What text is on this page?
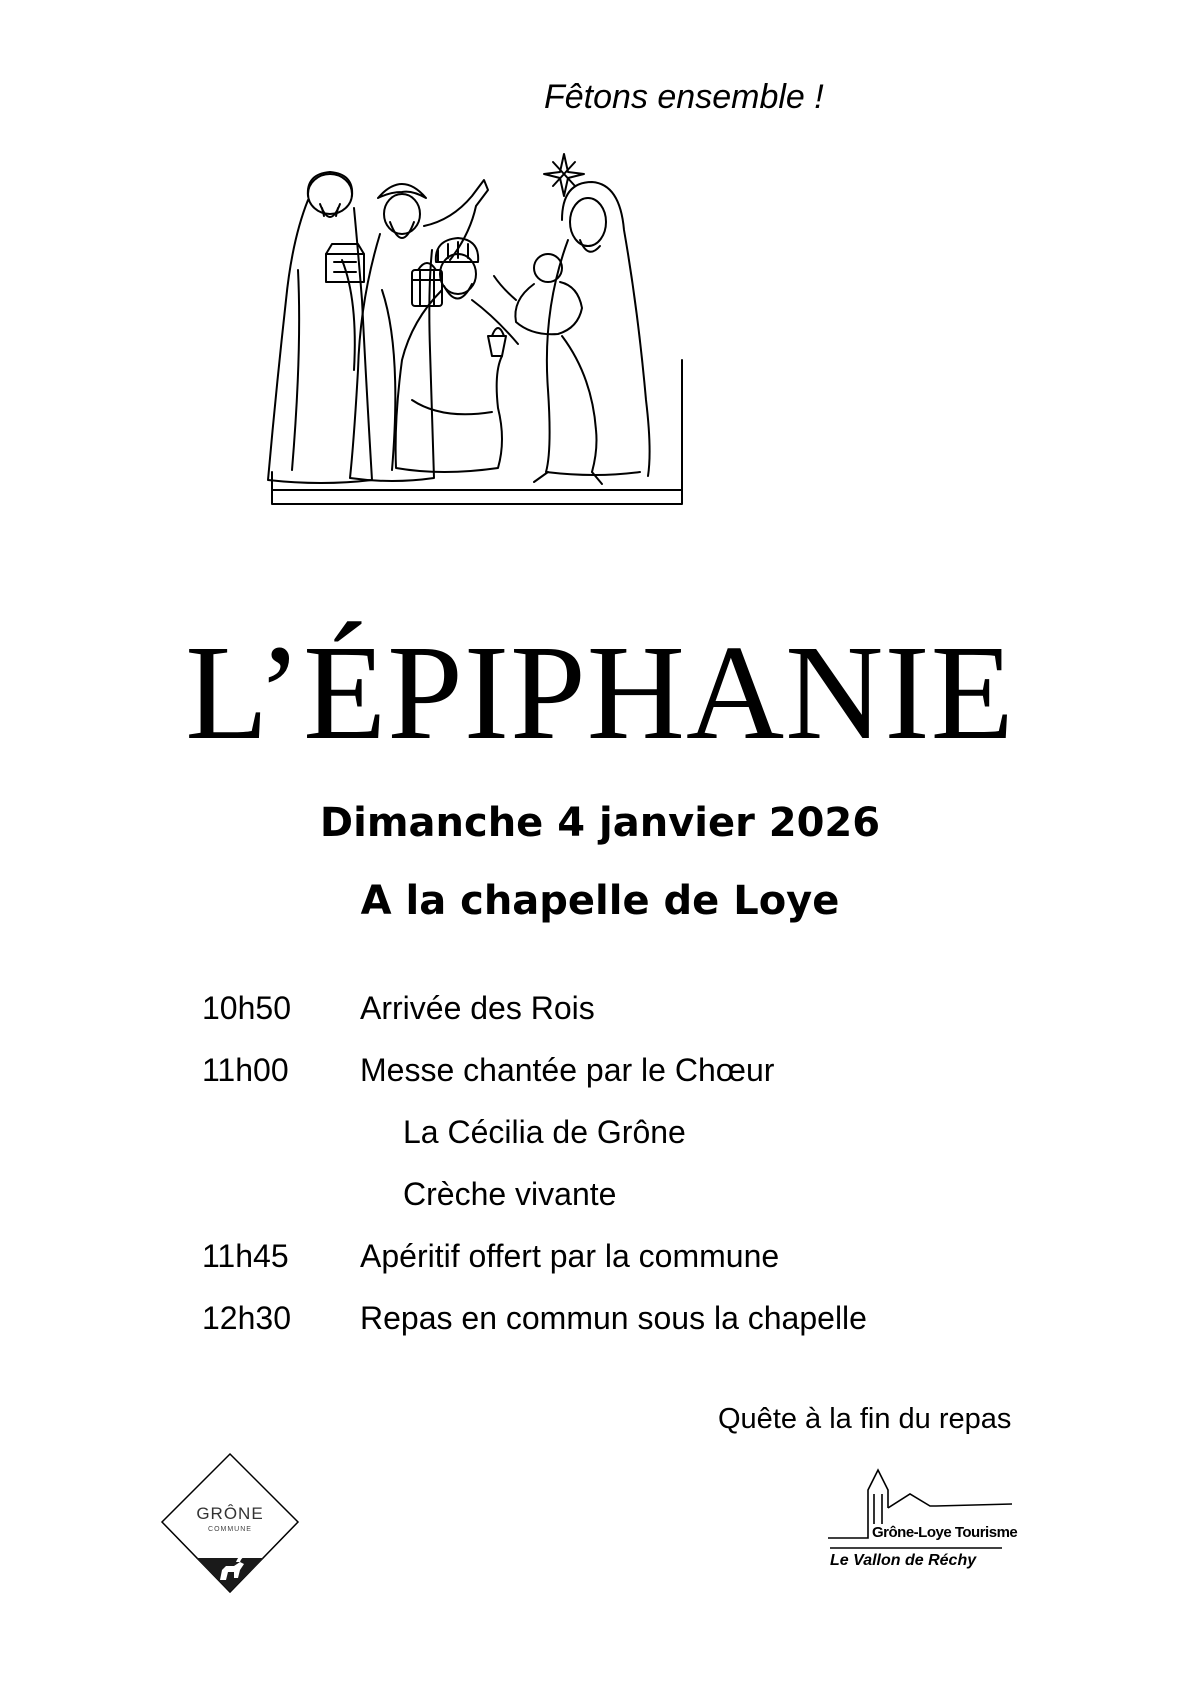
Fêtons ensemble !

L’ÉPIPHANIE

Dimanche 4 janvier 2026

A la chapelle de Loye

10h50 Arrivée des Rois
11h00 Messe chantée par le Chœur
La Cécilia de Grône
Crèche vivante
11h45 Apéritif offert par la commune
12h30 Repas en commun sous la chapelle

Quête à la fin du repas

GRÔNE
COMMUNE	Grône-Loye Tourisme
Le Vallon de Réchy
